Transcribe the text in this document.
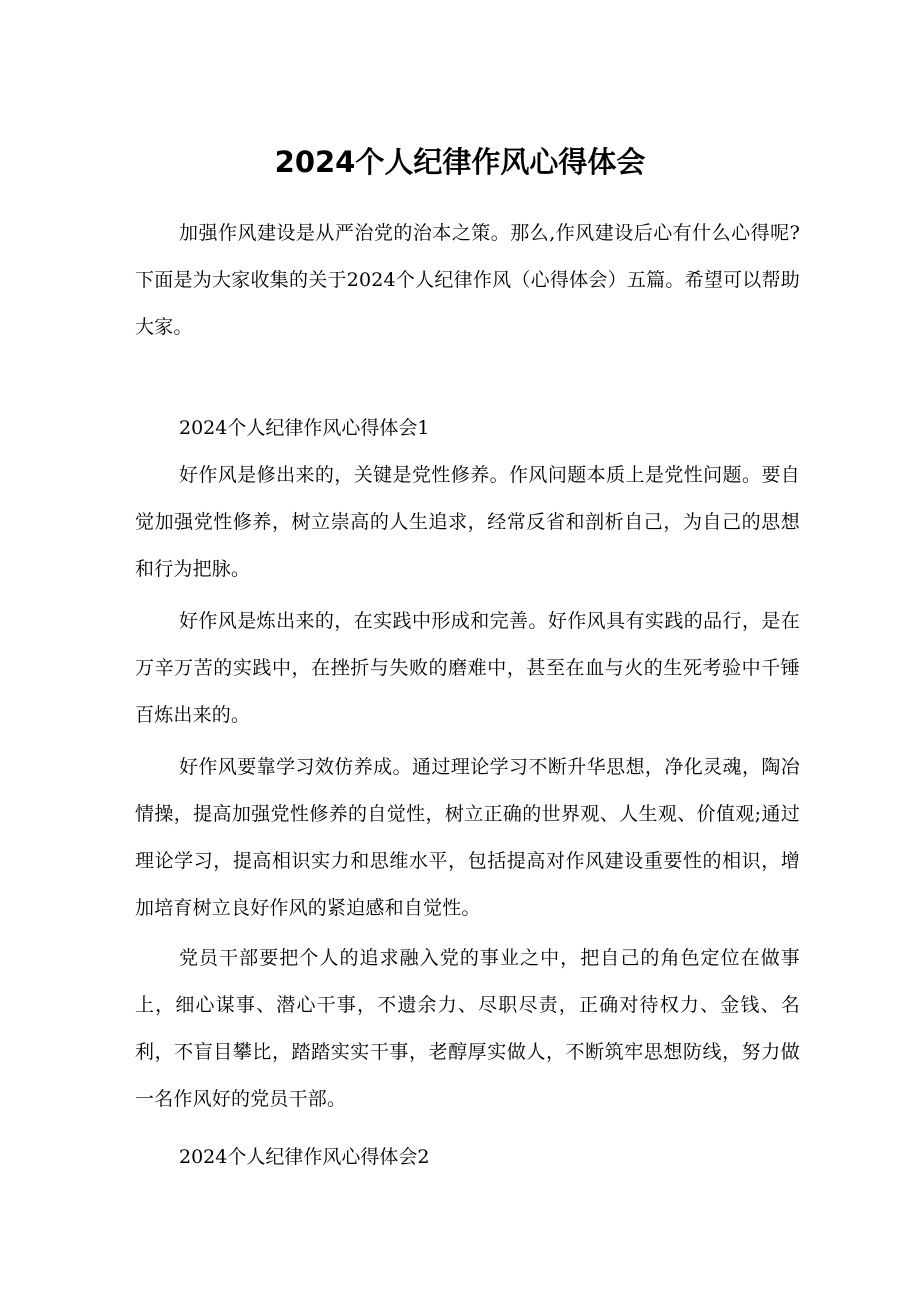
2024个人纪律作风心得体会

加强作风建设是从严治党的治本之策。那么,作风建设后心有什么心得呢?下面是为大家收集的关于2024个人纪律作风（心得体会）五篇。希望可以帮助大家。

2024个人纪律作风心得体会1

好作风是修出来的，关键是党性修养。作风问题本质上是党性问题。要自觉加强党性修养，树立崇高的人生追求，经常反省和剖析自己，为自己的思想和行为把脉。

好作风是炼出来的，在实践中形成和完善。好作风具有实践的品行，是在万辛万苦的实践中，在挫折与失败的磨难中，甚至在血与火的生死考验中千锤百炼出来的。

好作风要靠学习效仿养成。通过理论学习不断升华思想，净化灵魂，陶冶情操，提高加强党性修养的自觉性，树立正确的世界观、人生观、价值观;通过理论学习，提高相识实力和思维水平，包括提高对作风建设重要性的相识，增加培育树立良好作风的紧迫感和自觉性。

党员干部要把个人的追求融入党的事业之中，把自己的角色定位在做事上，细心谋事、潜心干事，不遗余力、尽职尽责，正确对待权力、金钱、名利，不盲目攀比，踏踏实实干事，老醇厚实做人，不断筑牢思想防线，努力做一名作风好的党员干部。

2024个人纪律作风心得体会2
